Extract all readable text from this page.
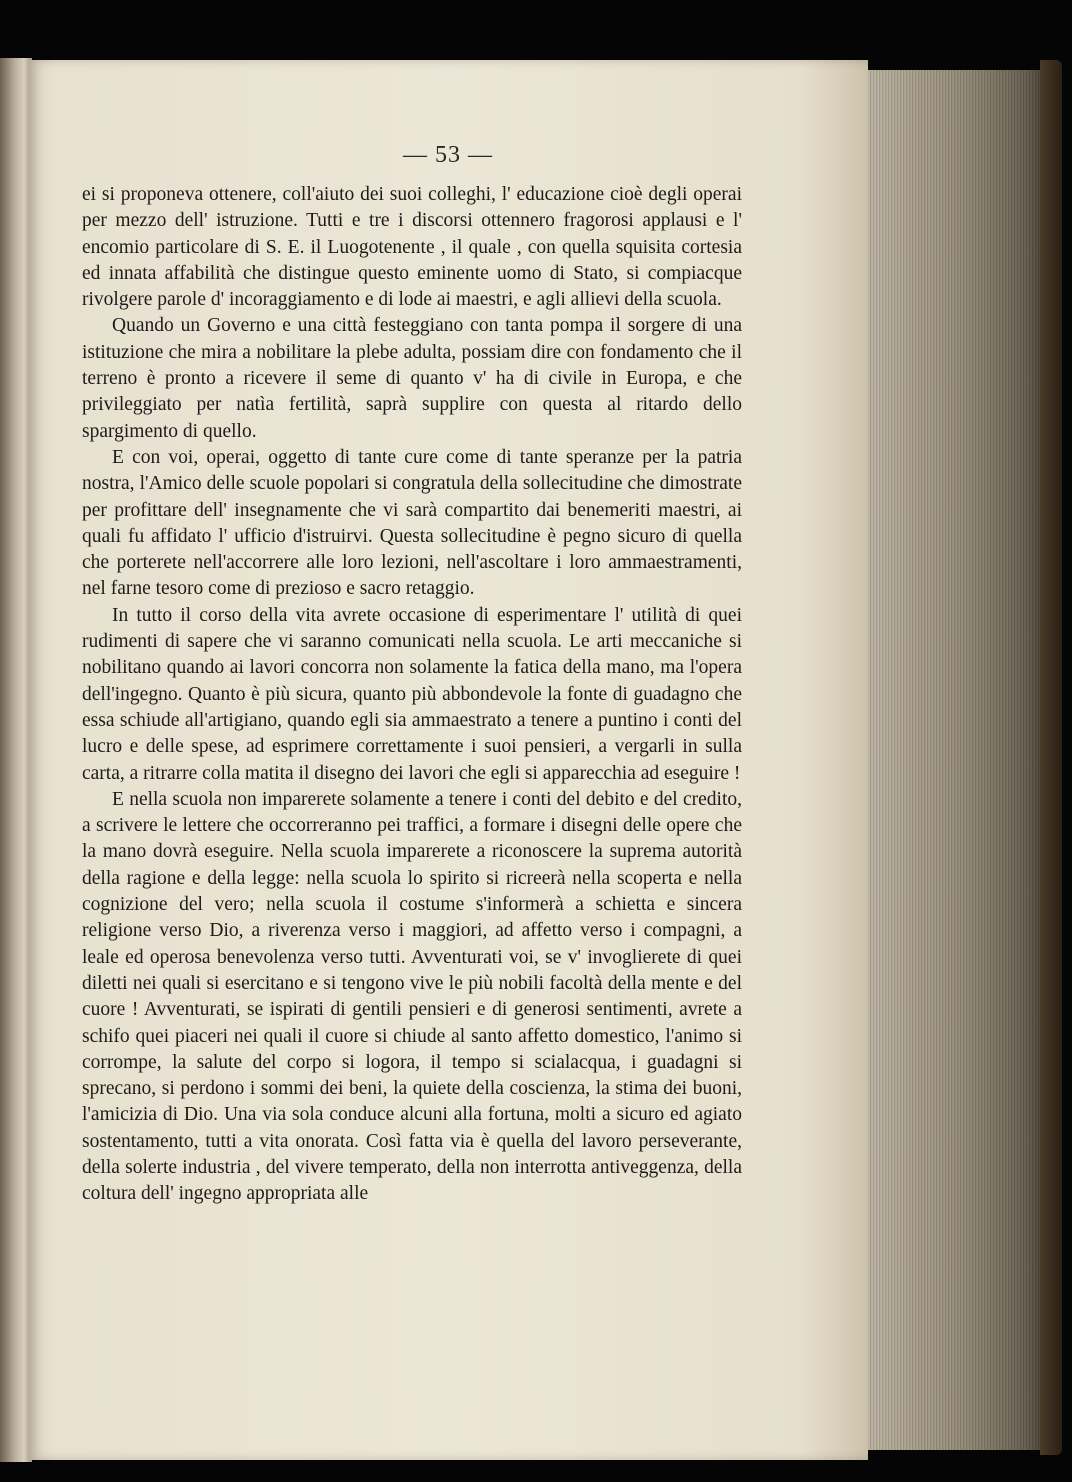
— 53 —

ei si proponeva ottenere, coll'aiuto dei suoi colleghi, l' educazione cioè degli operai per mezzo dell' istruzione. Tutti e tre i discorsi ottennero fragorosi applausi e l' encomio particolare di S. E. il Luogotenente , il quale , con quella squisita cortesia ed innata affabilità che distingue questo eminente uomo di Stato, si compiacque rivolgere parole d' incoraggiamento e di lode ai maestri, e agli allievi della scuola.

Quando un Governo e una città festeggiano con tanta pompa il sorgere di una istituzione che mira a nobilitare la plebe adulta, possiam dire con fondamento che il terreno è pronto a ricevere il seme di quanto v' ha di civile in Europa, e che privileggiato per natìa fertilità, saprà supplire con questa al ritardo dello spargimento di quello.

E con voi, operai, oggetto di tante cure come di tante speranze per la patria nostra, l'Amico delle scuole popolari si congratula della sollecitudine che dimostrate per profittare dell' insegnamente che vi sarà compartito dai benemeriti maestri, ai quali fu affidato l' ufficio d'istruirvi. Questa sollecitudine è pegno sicuro di quella che porterete nell'accorrere alle loro lezioni, nell'ascoltare i loro ammaestramenti, nel farne tesoro come di prezioso e sacro retaggio.

In tutto il corso della vita avrete occasione di esperimentare l' utilità di quei rudimenti di sapere che vi saranno comunicati nella scuola. Le arti meccaniche si nobilitano quando ai lavori concorra non solamente la fatica della mano, ma l'opera dell'ingegno. Quanto è più sicura, quanto più abbondevole la fonte di guadagno che essa schiude all'artigiano, quando egli sia ammaestrato a tenere a puntino i conti del lucro e delle spese, ad esprimere correttamente i suoi pensieri, a vergarli in sulla carta, a ritrarre colla matita il disegno dei lavori che egli si apparecchia ad eseguire !

E nella scuola non imparerete solamente a tenere i conti del debito e del credito, a scrivere le lettere che occorreranno pei traffici, a formare i disegni delle opere che la mano dovrà eseguire. Nella scuola imparerete a riconoscere la suprema autorità della ragione e della legge: nella scuola lo spirito si ricreerà nella scoperta e nella cognizione del vero; nella scuola il costume s'informerà a schietta e sincera religione verso Dio, a riverenza verso i maggiori, ad affetto verso i compagni, a leale ed operosa benevolenza verso tutti. Avventurati voi, se v' invoglierete di quei diletti nei quali si esercitano e si tengono vive le più nobili facoltà della mente e del cuore ! Avventurati, se ispirati di gentili pensieri e di generosi sentimenti, avrete a schifo quei piaceri nei quali il cuore si chiude al santo affetto domestico, l'animo si corrompe, la salute del corpo si logora, il tempo si scialacqua, i guadagni si sprecano, si perdono i sommi dei beni, la quiete della coscienza, la stima dei buoni, l'amicizia di Dio. Una via sola conduce alcuni alla fortuna, molti a sicuro ed agiato sostentamento, tutti a vita onorata. Così fatta via è quella del lavoro perseverante, della solerte industria , del vivere temperato, della non interrotta antiveggenza, della coltura dell' ingegno appropriata alle
